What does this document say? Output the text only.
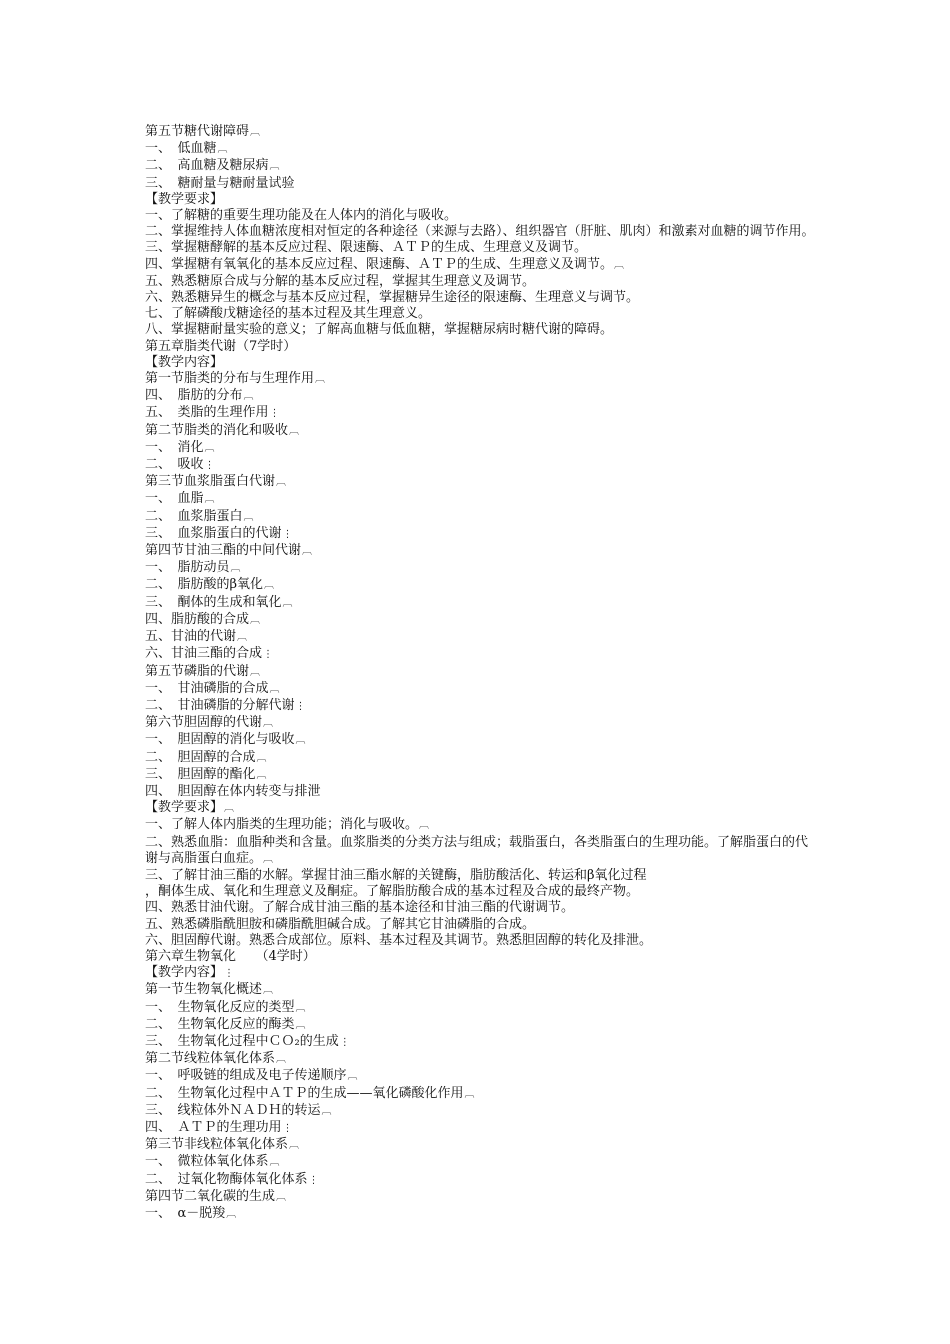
第五节糖代谢障碍︹
一、　低血糖︹
二、　高血糖及糖尿病︹
三、　糖耐量与糖耐量试验
【教学要求】
一、了解糖的重要生理功能及在人体内的消化与吸收。
二、掌握维持人体血糖浓度相对恒定的各种途径（来源与去路）、组织器官（肝脏、肌肉）和激素对血糖的调节作用。
三、掌握糖酵解的基本反应过程、限速酶、ＡＴＰ的生成、生理意义及调节。
四、掌握糖有氧氧化的基本反应过程、限速酶、ＡＴＰ的生成、生理意义及调节。︹
五、熟悉糖原合成与分解的基本反应过程，掌握其生理意义及调节。
六、熟悉糖异生的概念与基本反应过程，掌握糖异生途径的限速酶、生理意义与调节。
七、了解磷酸戊糖途径的基本过程及其生理意义。
八、掌握糖耐量实验的意义；了解高血糖与低血糖，掌握糖尿病时糖代谢的障碍。
第五章脂类代谢（7学时）
【教学内容】
第一节脂类的分布与生理作用︹
四、　脂肪的分布︹
五、　类脂的生理作用⋮
第二节脂类的消化和吸收︹
一、　消化︹
二、　吸收⋮
第三节血浆脂蛋白代谢︹
一、　血脂︹
二、　血浆脂蛋白︹
三、　血浆脂蛋白的代谢⋮
第四节甘油三酯的中间代谢︹
一、　脂肪动员︹
二、　脂肪酸的β氧化︹
三、　酮体的生成和氧化︹
四、脂肪酸的合成︹
五、甘油的代谢︹
六、甘油三酯的合成⋮
第五节磷脂的代谢︹
一、　甘油磷脂的合成︹
二、　甘油磷脂的分解代谢⋮
第六节胆固醇的代谢︹
一、　胆固醇的消化与吸收︹
二、　胆固醇的合成︹
三、　胆固醇的酯化︹
四、　胆固醇在体内转变与排泄
【教学要求】︹
一、了解人体内脂类的生理功能；消化与吸收。︹
二、熟悉血脂：血脂种类和含量。血浆脂类的分类方法与组成；载脂蛋白，各类脂蛋白的生理功能。了解脂蛋白的代谢与高脂蛋白血症。︹
三、了解甘油三酯的水解。掌握甘油三酯水解的关键酶，脂肪酸活化、转运和β氧化过程
，酮体生成、氧化和生理意义及酮症。了解脂肪酸合成的基本过程及合成的最终产物。
四、熟悉甘油代谢。了解合成甘油三酯的基本途径和甘油三酯的代谢调节。
五、熟悉磷脂酰胆胺和磷脂酰胆碱合成。了解其它甘油磷脂的合成。
六、胆固醇代谢。熟悉合成部位。原料、基本过程及其调节。熟悉胆固醇的转化及排泄。
第六章生物氧化　　（4学时）
【教学内容】⋮
第一节生物氧化概述︹
一、　生物氧化反应的类型︹
二、　生物氧化反应的酶类︹
三、　生物氧化过程中ＣＯ₂的生成⋮
第二节线粒体氧化体系︹
一、　呼吸链的组成及电子传递顺序︹
二、　生物氧化过程中ＡＴＰ的生成——氧化磷酸化作用︹
三、　线粒体外ＮＡＤＨ的转运︹
四、　ＡＴＰ的生理功用⋮
第三节非线粒体氧化体系︹
一、　微粒体氧化体系︹
二、　过氧化物酶体氧化体系⋮
第四节二氧化碳的生成︹
一、　α－脱羧︹
